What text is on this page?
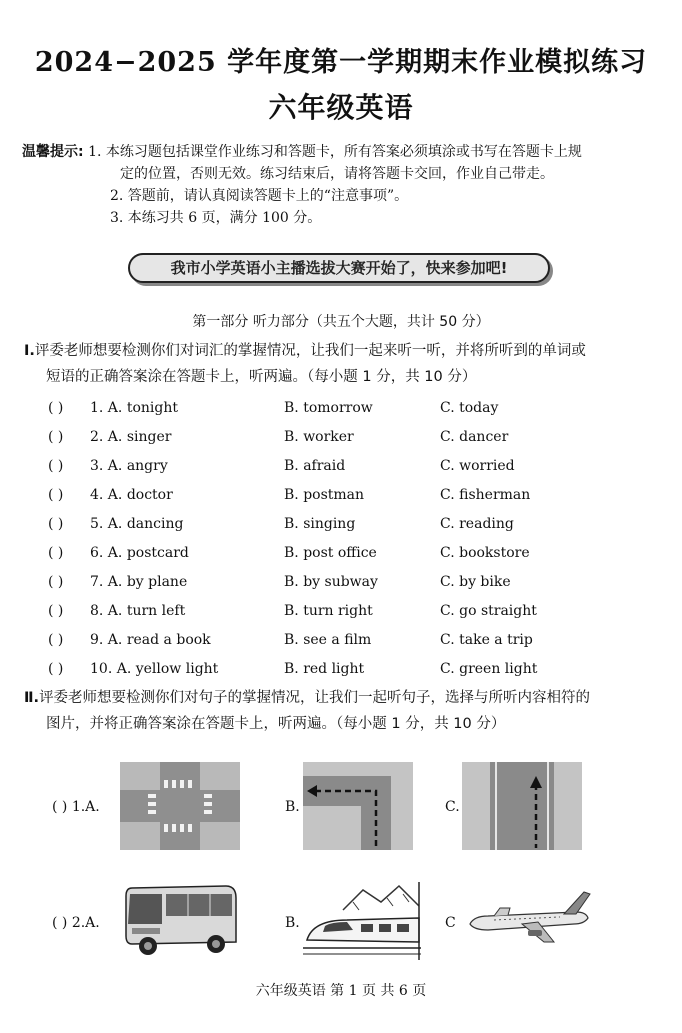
2024−2025 学年度第一学期期末作业模拟练习
六年级英语
温馨提示: 1. 本练习题包括课堂作业练习和答题卡，所有答案必须填涂或书写在答题卡上规
定的位置，否则无效。练习结束后，请将答题卡交回，作业自己带走。
2. 答题前，请认真阅读答题卡上的“注意事项”。
3. 本练习共 6 页，满分 100 分。
我市小学英语小主播选拔大赛开始了，快来参加吧!
第一部分 听力部分（共五个大题，共计 50 分）
Ⅰ.评委老师想要检测你们对词汇的掌握情况，让我们一起来听一听，并将所听到的单词或
短语的正确答案涂在答题卡上，听两遍。（每小题 1 分，共 10 分）
( ) 1. A. tonight	B. tomorrow	C. today
( ) 2. A. singer	B. worker	C. dancer
( ) 3. A. angry	B. afraid	C. worried
( ) 4. A. doctor	B. postman	C. fisherman
( ) 5. A. dancing	B. singing	C. reading
( ) 6. A. postcard	B. post office	C. bookstore
( ) 7. A. by plane	B. by subway	C. by bike
( ) 8. A. turn left	B. turn right	C. go straight
( ) 9. A. read a book	B. see a film	C. take a trip
( ) 10. A. yellow light	B. red light	C. green light
Ⅱ.评委老师想要检测你们对句子的掌握情况，让我们一起听句子，选择与所听内容相符的
图片，并将正确答案涂在答题卡上，听两遍。（每小题 1 分，共 10 分）
( ) 1.A.	B.	C.
( ) 2.A.	B.	C
六年级英语 第 1 页 共 6 页
